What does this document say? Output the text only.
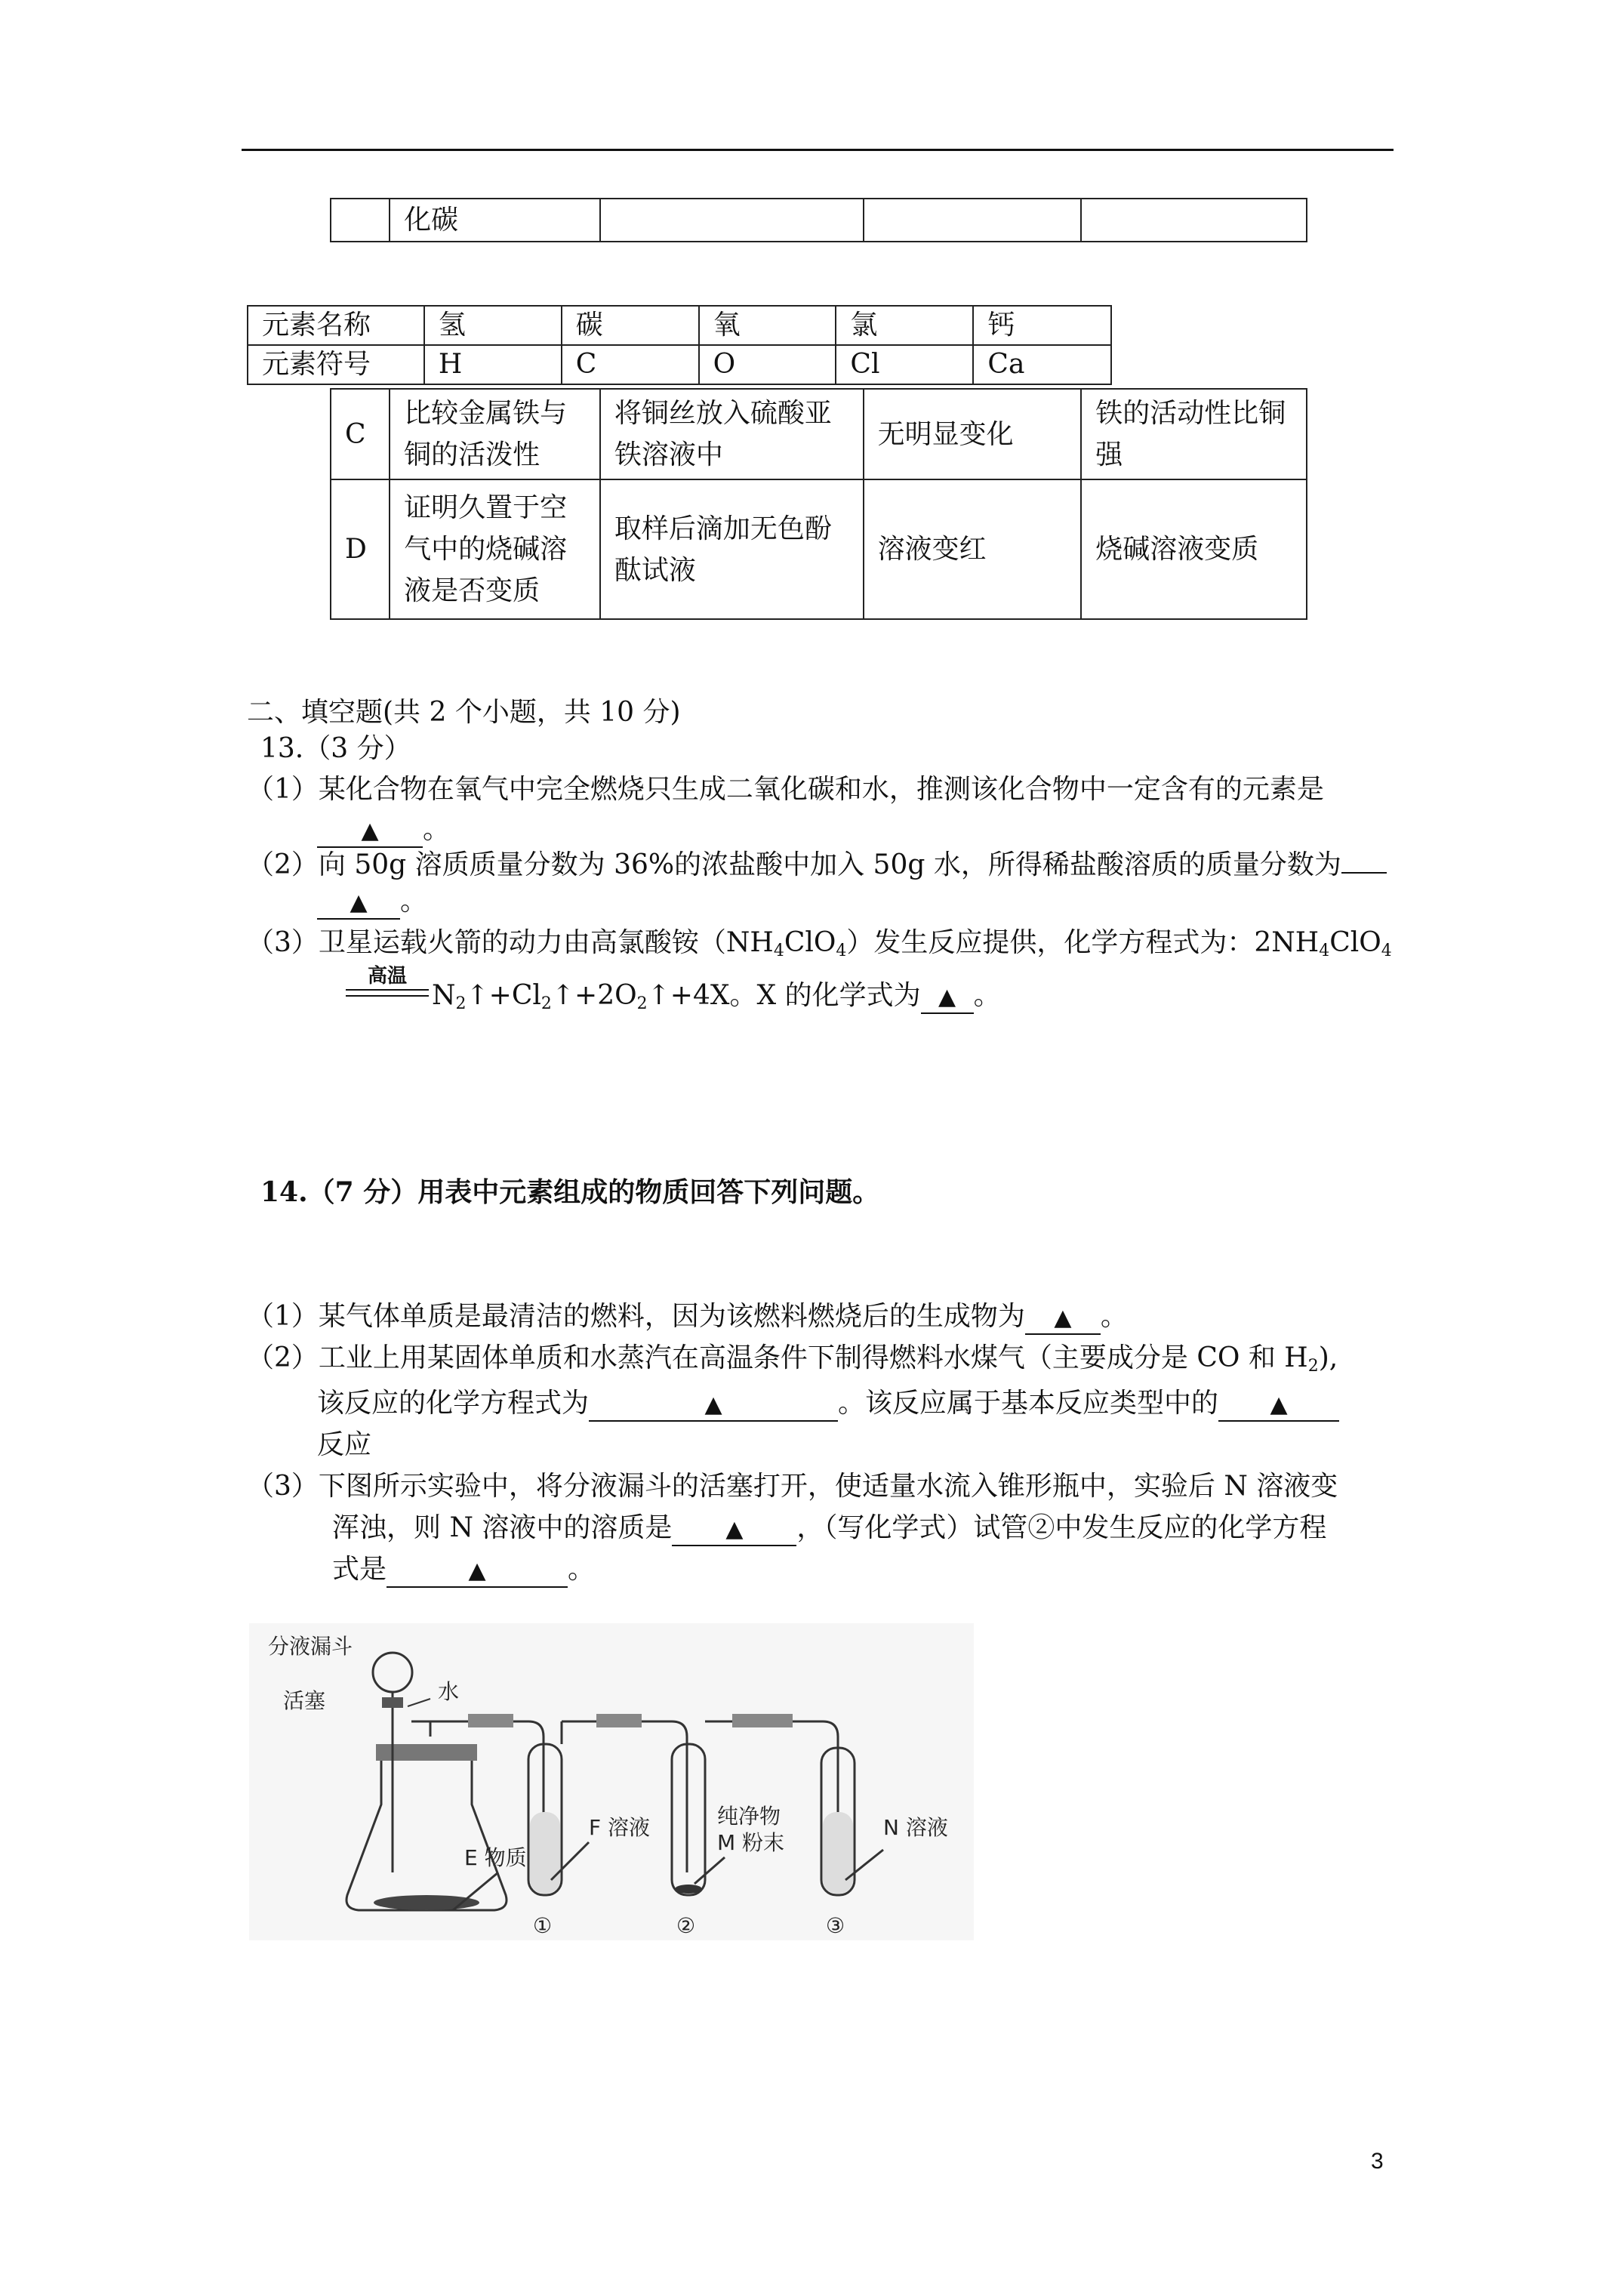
	化碳			
元素名称	氢	碳	氧	氯	钙
元素符号	H	C	O	Cl	Ca
C	比较金属铁与铜的活泼性	将铜丝放入硫酸亚铁溶液中	无明显变化	铁的活动性比铜强
D	证明久置于空气中的烧碱溶液是否变质	取样后滴加无色酚酞试液	溶液变红	烧碱溶液变质
二、填空题(共 2 个小题，共 10 分)
13.（3 分）
（1）某化合物在氧气中完全燃烧只生成二氧化碳和水，推测该化合物中一定含有的元素是
▲ 。
（2）向 50g 溶质质量分数为 36%的浓盐酸中加入 50g 水，所得稀盐酸溶质的质量分数为
▲ 。
（3）卫星运载火箭的动力由高氯酸铵$(NH_4ClO_4)$发生反应提供，化学方程式为：$2NH_4ClO_4$
高温
$N_2↑+Cl_2↑+2O_2↑+4X$。X 的化学式为 ▲ 。
14.（7 分）用表中元素组成的物质回答下列问题。
（1）某气体单质是最清洁的燃料，因为该燃料燃烧后的生成物为 ▲ 。
（2）工业上用某固体单质和水蒸汽在高温条件下制得燃料水煤气（主要成分是 CO 和 $H_2$),
该反应的化学方程式为	▲	。该反应属于基本反应类型中的 ▲
反应
（3）下图所示实验中，将分液漏斗的活塞打开，使适量水流入锥形瓶中，实验后 N 溶液变
浑浊，则 N 溶液中的溶质是 ▲ ，（写化学式）试管②中发生反应的化学方程
式是	▲	。
分液漏斗
活塞	水
E 物质
F 溶液	纯净物
M 粉末
N 溶液
①	②	③
3
